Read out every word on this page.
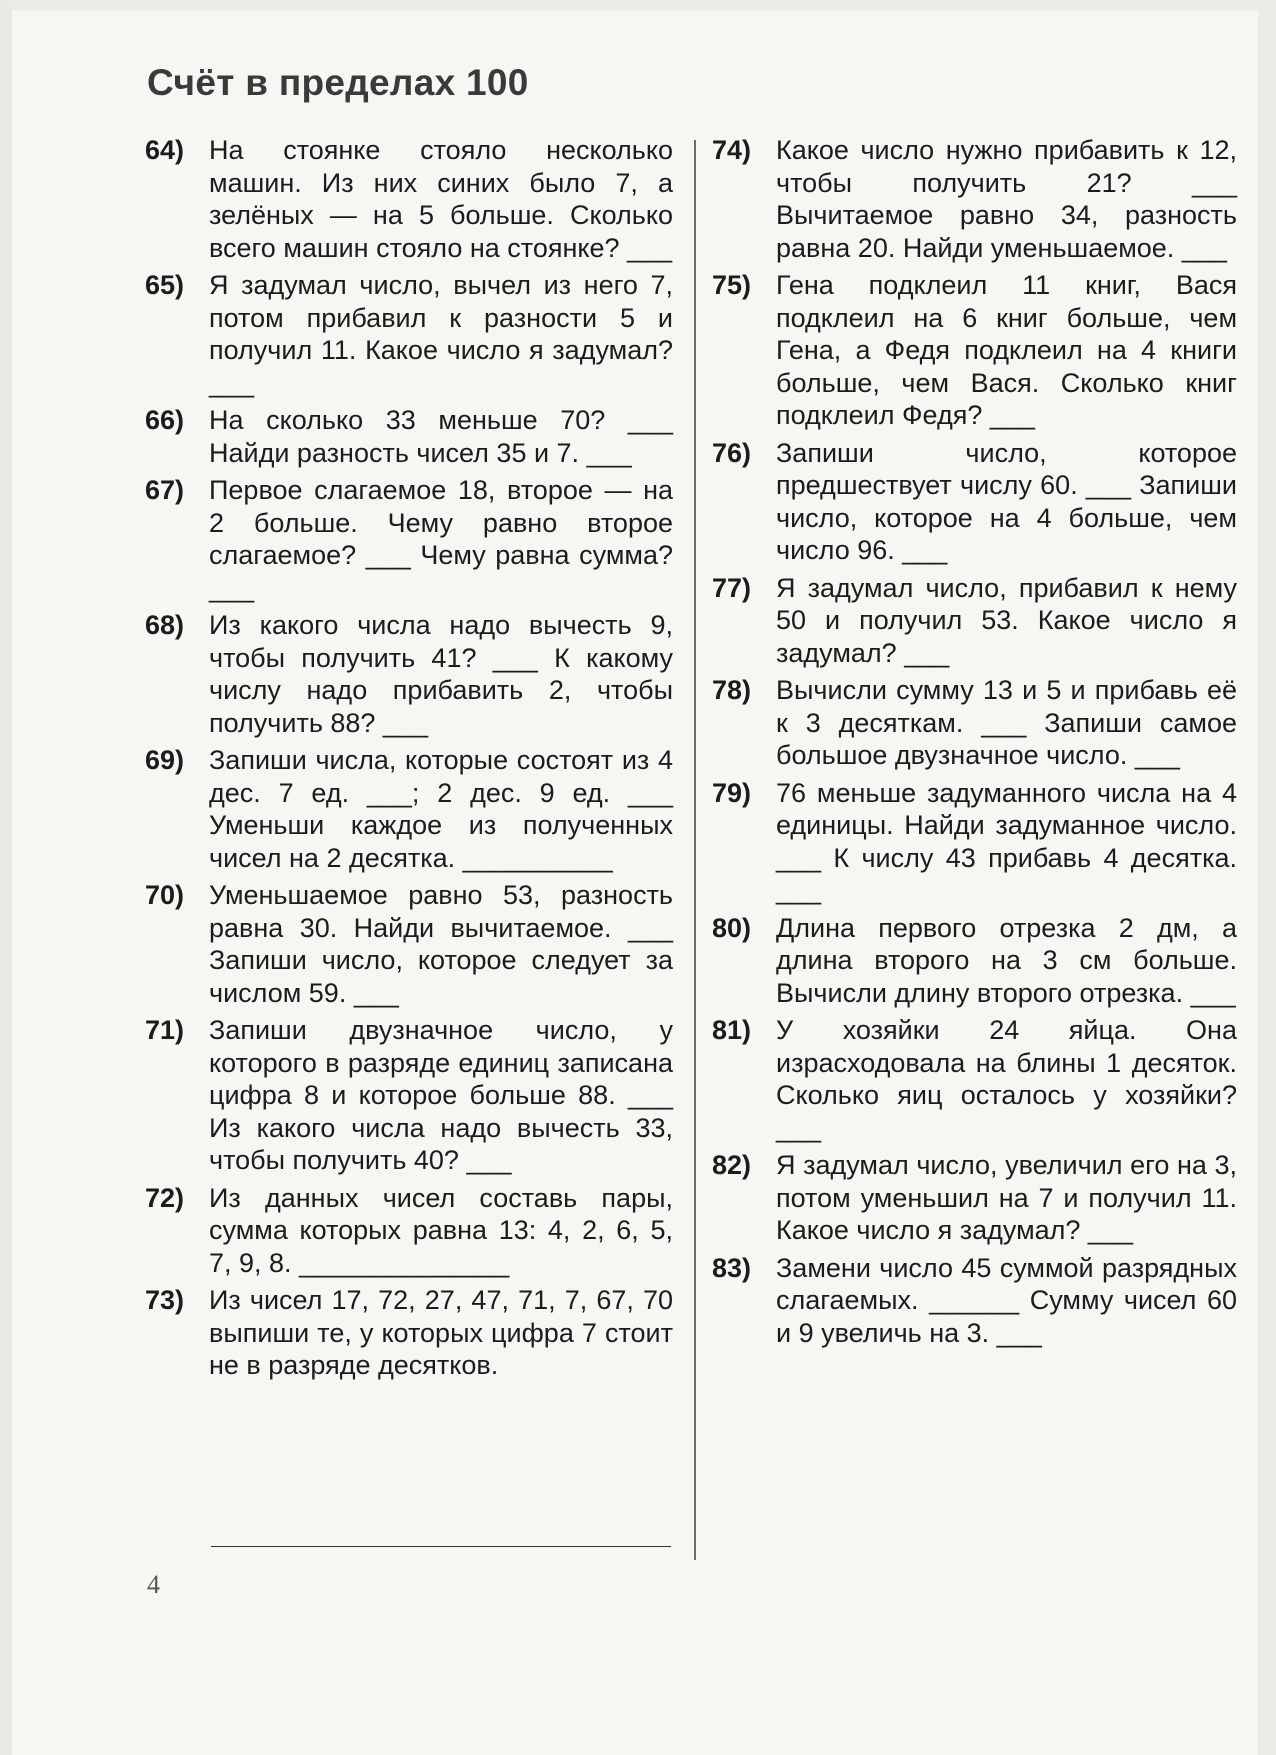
Счёт в пределах 100
64) На стоянке стояло несколько машин. Из них синих было 7, а зелёных — на 5 больше. Сколько всего машин стояло на стоянке? ___
65) Я задумал число, вычел из него 7, потом прибавил к разности 5 и получил 11. Какое число я задумал? ___
66) На сколько 33 меньше 70? ___ Найди разность чисел 35 и 7. ___
67) Первое слагаемое 18, второе — на 2 больше. Чему равно второе слагаемое? ___ Чему равна сумма? ___
68) Из какого числа надо вычесть 9, чтобы получить 41? ___ К какому числу надо прибавить 2, чтобы получить 88? ___
69) Запиши числа, которые состоят из 4 дес. 7 ед. ___; 2 дес. 9 ед. ___ Уменьши каждое из полученных чисел на 2 десятка. __________
70) Уменьшаемое равно 53, разность равна 30. Найди вычитаемое. ___ Запиши число, которое следует за числом 59. ___
71) Запиши двузначное число, у которого в разряде единиц записана цифра 8 и которое больше 88. ___ Из какого числа надо вычесть 33, чтобы получить 40? ___
72) Из данных чисел составь пары, сумма которых равна 13: 4, 2, 6, 5, 7, 9, 8. ______________
73) Из чисел 17, 72, 27, 47, 71, 7, 67, 70 выпиши те, у которых цифра 7 стоит не в разряде десятков.
74) Какое число нужно прибавить к 12, чтобы получить 21? ___ Вычитаемое равно 34, разность равна 20. Найди уменьшаемое. ___
75) Гена подклеил 11 книг, Вася подклеил на 6 книг больше, чем Гена, а Федя подклеил на 4 книги больше, чем Вася. Сколько книг подклеил Федя? ___
76) Запиши число, которое предшествует числу 60. ___ Запиши число, которое на 4 больше, чем число 96. ___
77) Я задумал число, прибавил к нему 50 и получил 53. Какое число я задумал? ___
78) Вычисли сумму 13 и 5 и прибавь её к 3 десяткам. ___ Запиши самое большое двузначное число. ___
79) 76 меньше задуманного числа на 4 единицы. Найди задуманное число. ___ К числу 43 прибавь 4 десятка. ___
80) Длина первого отрезка 2 дм, а длина второго на 3 см больше. Вычисли длину второго отрезка. ___
81) У хозяйки 24 яйца. Она израсходовала на блины 1 десяток. Сколько яиц осталось у хозяйки? ___
82) Я задумал число, увеличил его на 3, потом уменьшил на 7 и получил 11. Какое число я задумал? ___
83) Замени число 45 суммой разрядных слагаемых. ______ Сумму чисел 60 и 9 увеличь на 3. ___
4
